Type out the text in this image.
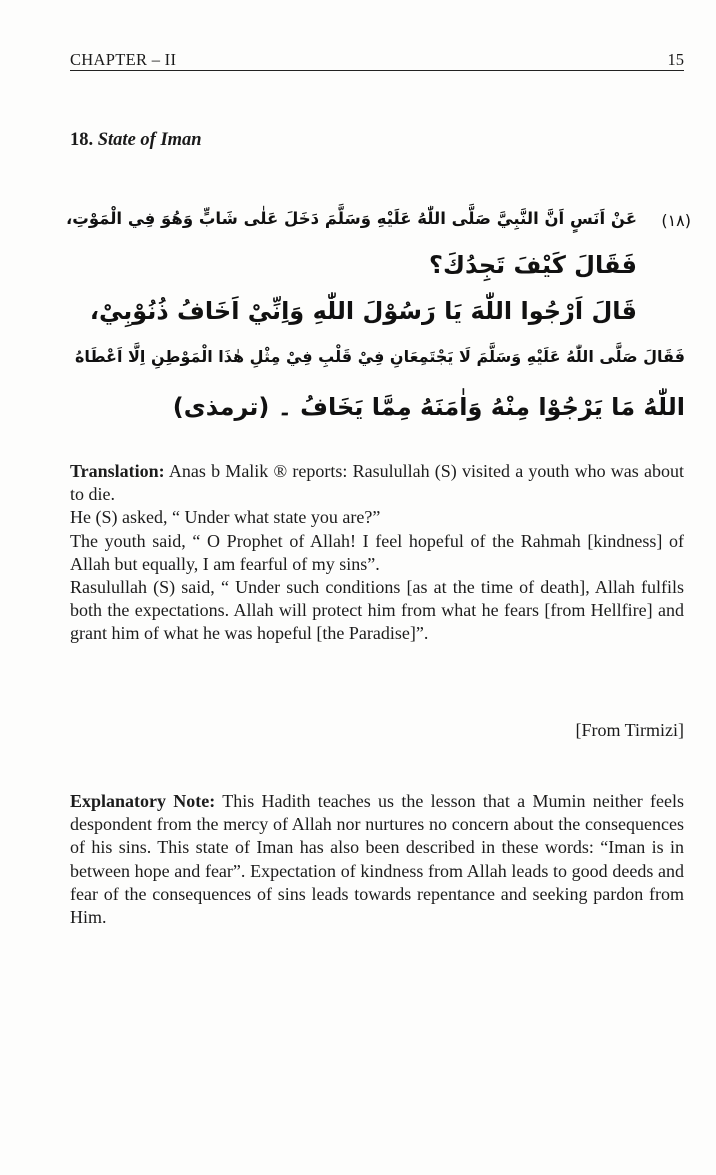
CHAPTER – II	15
18. State of Iman
(١٨)
عَنْ اَنَسٍ اَنَّ النَّبِيَّ صَلَّى اللّٰهُ عَلَيْهِ وَسَلَّمَ دَخَلَ عَلٰى شَابٍّ وَهُوَ فِي الْمَوْتِ،
فَقَالَ كَيْفَ تَجِدُكَ؟
قَالَ اَرْجُوا اللّٰهَ يَا رَسُوْلَ اللّٰهِ وَاِنِّيْ اَخَافُ ذُنُوْبِيْ،
فَقَالَ صَلَّى اللّٰهُ عَلَيْهِ وَسَلَّمَ لَا يَجْتَمِعَانِ فِيْ قَلْبِ فِيْ مِثْلِ هٰذَا الْمَوْطِنِ اِلَّا اَعْطَاهُ
اللّٰهُ مَا يَرْجُوْا مِنْهُ وَاٰمَنَهُ مِمَّا يَخَافُ ۔ (ترمذی)

Translation: Anas b Malik ® reports: Rasulullah (S) visited a youth who was about to die.

He (S) asked, “ Under what state you are?”

The youth said, “ O Prophet of Allah! I feel hopeful of the Rahmah [kindness] of Allah but equally, I am fearful of my sins”.

Rasulullah (S) said, “ Under such conditions [as at the time of death], Allah fulfils both the expectations. Allah will protect him from what he fears [from Hellfire] and grant him of what he was hopeful [the Paradise]”.

[From Tirmizi]

Explanatory Note: This Hadith teaches us the lesson that a Mumin neither feels despondent from the mercy of Allah nor nurtures no concern about the consequences of his sins. This state of Iman has also been described in these words: “Iman is in between hope and fear”. Expectation of kindness from Allah leads to good deeds and fear of the consequences of sins leads towards repentance and seeking pardon from Him.
